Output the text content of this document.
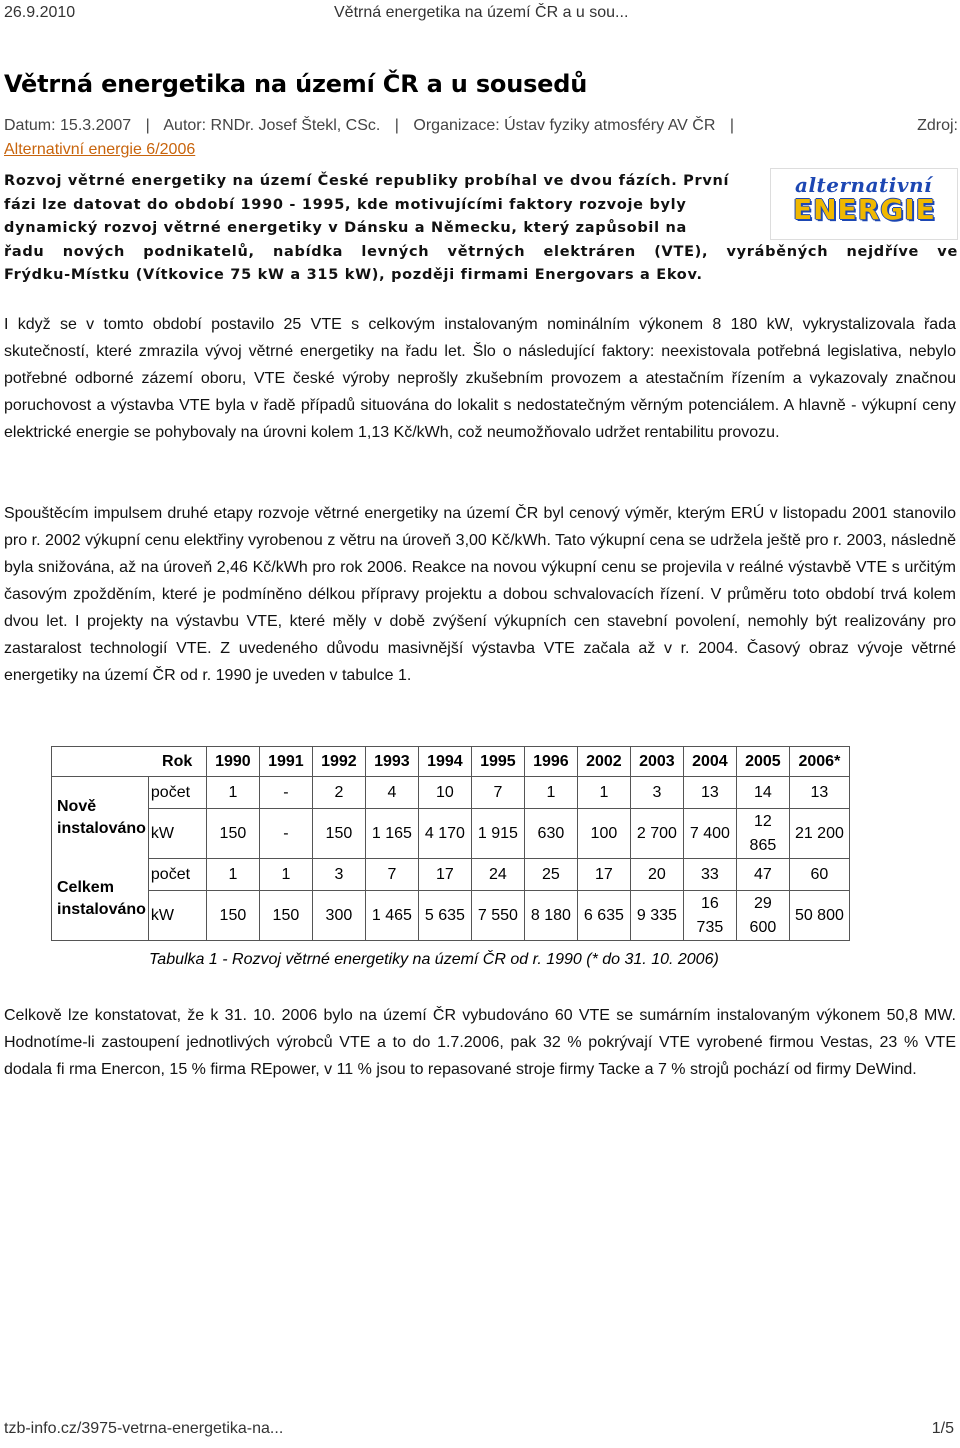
26.9.2010	Větrná energetika na území ČR a u sou...
Větrná energetika na území ČR a u sousedů
Datum: 15.3.2007 | Autor: RNDr. Josef Štekl, CSc. | Organizace: Ústav fyziky atmosféry AV ČR |	Zdroj:

Alternativní energie 6/2006
alternativní
ENERGIE
Rozvoj větrné energetiky na území České republiky probíhal ve dvou fázích. První
fázi lze datovat do období 1990 - 1995, kde motivujícími faktory rozvoje byly
dynamický rozvoj větrné energetiky v Dánsku a Německu, který zapůsobil na
řadu nových podnikatelů, nabídka levných větrných elektráren (VTE), vyráběných nejdříve ve
Frýdku-Místku (Vítkovice 75 kW a 315 kW), později firmami Energovars a Ekov.

I když se v tomto období postavilo 25 VTE s celkovým instalovaným nominálním výkonem 8 180 kW, vykrystalizovala řada skutečností, které zmrazila vývoj větrné energetiky na řadu let. Šlo o následující faktory: neexistovala potřebná legislativa, nebylo potřebné odborné zázemí oboru, VTE české výroby neprošly zkušebním provozem a atestačním řízením a vykazovaly značnou poruchovost a výstavba VTE byla v řadě případů situována do lokalit s nedostatečným věrným potenciálem. A hlavně - výkupní ceny elektrické energie se pohybovaly na úrovni kolem 1,13 Kč/kWh, což neumožňovalo udržet rentabilitu provozu.

Spouštěcím impulsem druhé etapy rozvoje větrné energetiky na území ČR byl cenový výměr, kterým ERÚ v listopadu 2001 stanovilo pro r. 2002 výkupní cenu elektřiny vyrobenou z větru na úroveň 3,00 Kč/kWh. Tato výkupní cena se udržela ještě pro r. 2003, následně byla snižována, až na úroveň 2,46 Kč/kWh pro rok 2006. Reakce na novou výkupní cenu se projevila v reálné výstavbě VTE s určitým časovým zpožděním, které je podmíněno délkou přípravy projektu a dobou schvalovacích řízení. V průměru toto období trvá kolem dvou let. I projekty na výstavbu VTE, které měly v době zvýšení výkupních cen stavební povolení, nemohly být realizovány pro zastaralost technologií VTE. Z uvedeného důvodu masivnější výstavba VTE začala až v r. 2004. Časový obraz vývoje větrné energetiky na území ČR od r. 1990 je uveden v tabulce 1.

	Rok	1990	1991	1992	1993	1994	1995	1996	2002	2003	2004	2005	2006*
Nově instalováno	počet	1	-	2	4	10	7	1	1	3	13	14	13
	kW	150	-	150	1 165	4 170	1 915	630	100	2 700	7 400	12 865	21 200
Celkem instalováno	počet	1	1	3	7	17	24	25	17	20	33	47	60
	kW	150	150	300	1 465	5 635	7 550	8 180	6 635	9 335	16 735	29 600	50 800
Tabulka 1 - Rozvoj větrné energetiky na území ČR od r. 1990 (* do 31. 10. 2006)

Celkově lze konstatovat, že k 31. 10. 2006 bylo na území ČR vybudováno 60 VTE se sumárním instalovaným výkonem 50,8 MW. Hodnotíme-li zastoupení jednotlivých výrobců VTE a to do 1.7.2006, pak 32 % pokrývají VTE vyrobené firmou Vestas, 23 % VTE dodala fi rma Enercon, 15 % firma REpower, v 11 % jsou to repasované stroje firmy Tacke a 7 % strojů pochází od firmy DeWind.

tzb-info.cz/3975-vetrna-energetika-na...	1/5
